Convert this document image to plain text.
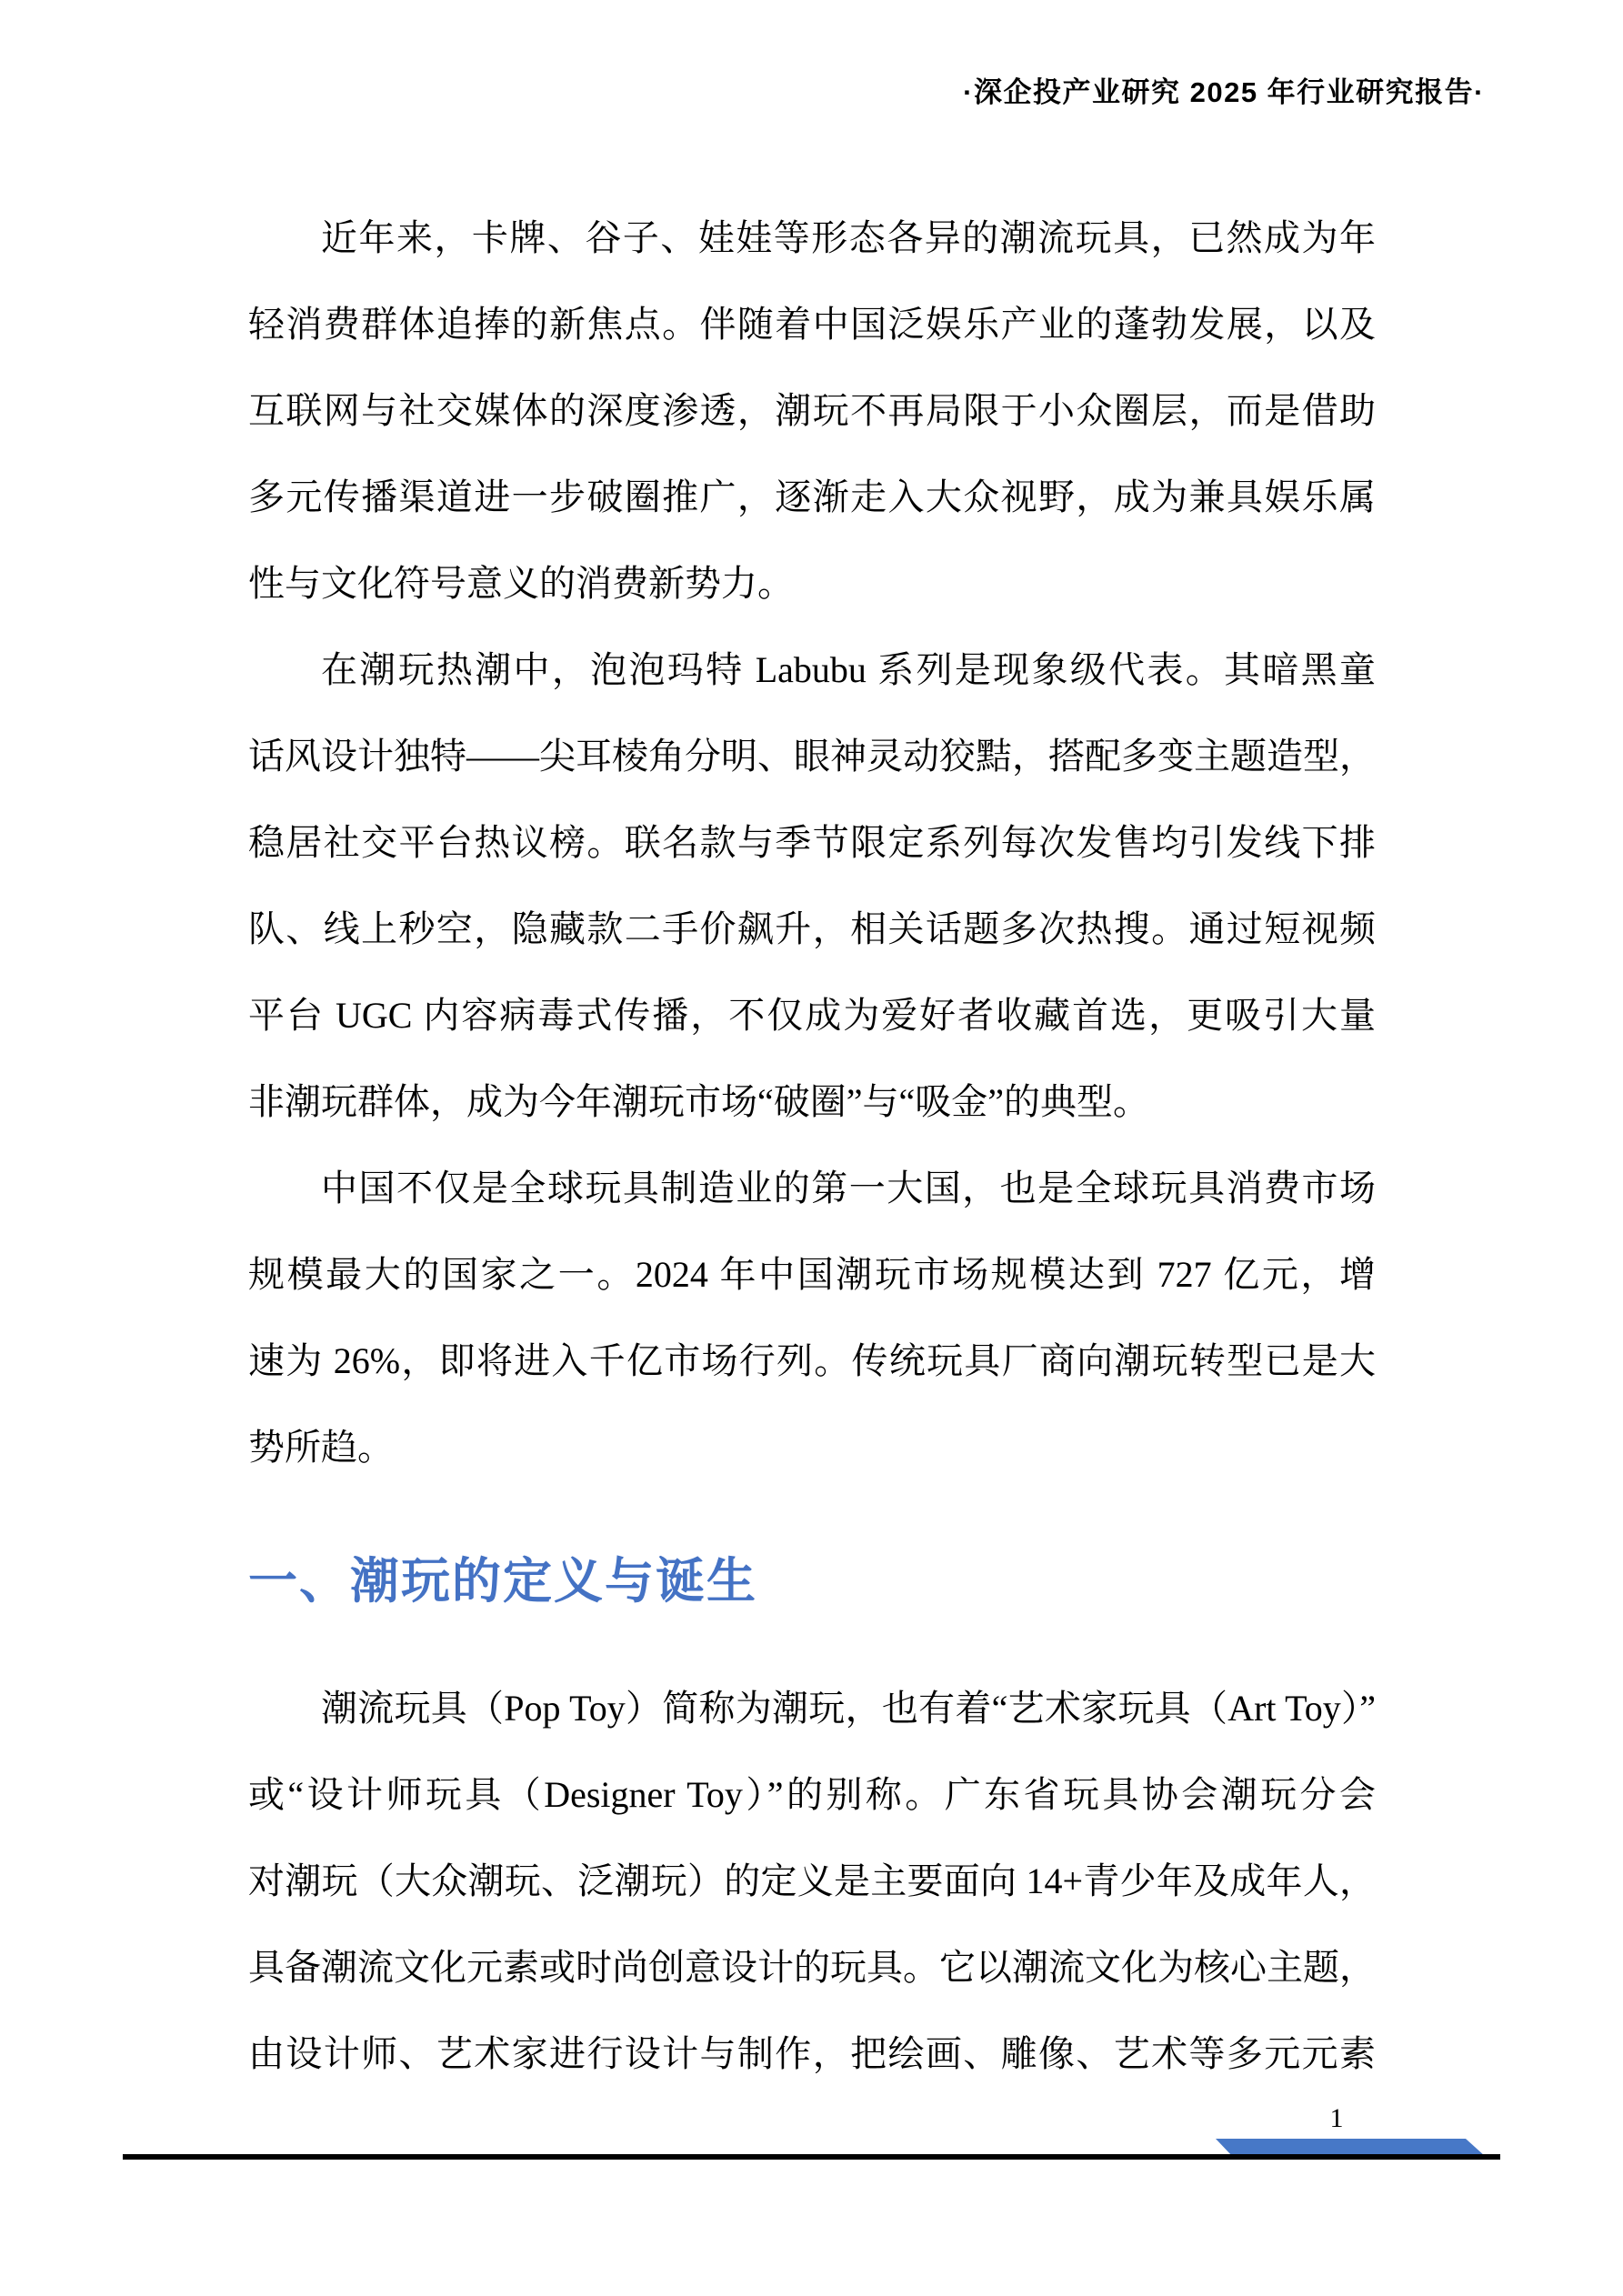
·深企投产业研究 2025 年行业研究报告·
近年来，卡牌、谷子、娃娃等形态各异的潮流玩具，已然成为年
轻消费群体追捧的新焦点。伴随着中国泛娱乐产业的蓬勃发展，以及
互联网与社交媒体的深度渗透，潮玩不再局限于小众圈层，而是借助
多元传播渠道进一步破圈推广，逐渐走入大众视野，成为兼具娱乐属
性与文化符号意义的消费新势力。
在潮玩热潮中，泡泡玛特 Labubu 系列是现象级代表。其暗黑童
话风设计独特——尖耳棱角分明、眼神灵动狡黠，搭配多变主题造型，
稳居社交平台热议榜。联名款与季节限定系列每次发售均引发线下排
队、线上秒空，隐藏款二手价飙升，相关话题多次热搜。通过短视频
平台 UGC 内容病毒式传播，不仅成为爱好者收藏首选，更吸引大量
非潮玩群体，成为今年潮玩市场“破圈”与“吸金”的典型。
中国不仅是全球玩具制造业的第一大国，也是全球玩具消费市场
规模最大的国家之一。2024 年中国潮玩市场规模达到 727 亿元，增
速为 26%，即将进入千亿市场行列。传统玩具厂商向潮玩转型已是大
势所趋。
一、潮玩的定义与诞生
潮流玩具（Pop Toy）简称为潮玩，也有着“艺术家玩具（Art Toy）”
或“设计师玩具（Designer Toy）”的别称。广东省玩具协会潮玩分会
对潮玩（大众潮玩、泛潮玩）的定义是主要面向 14+青少年及成年人，
具备潮流文化元素或时尚创意设计的玩具。它以潮流文化为核心主题，
由设计师、艺术家进行设计与制作，把绘画、雕像、艺术等多元元素
1
